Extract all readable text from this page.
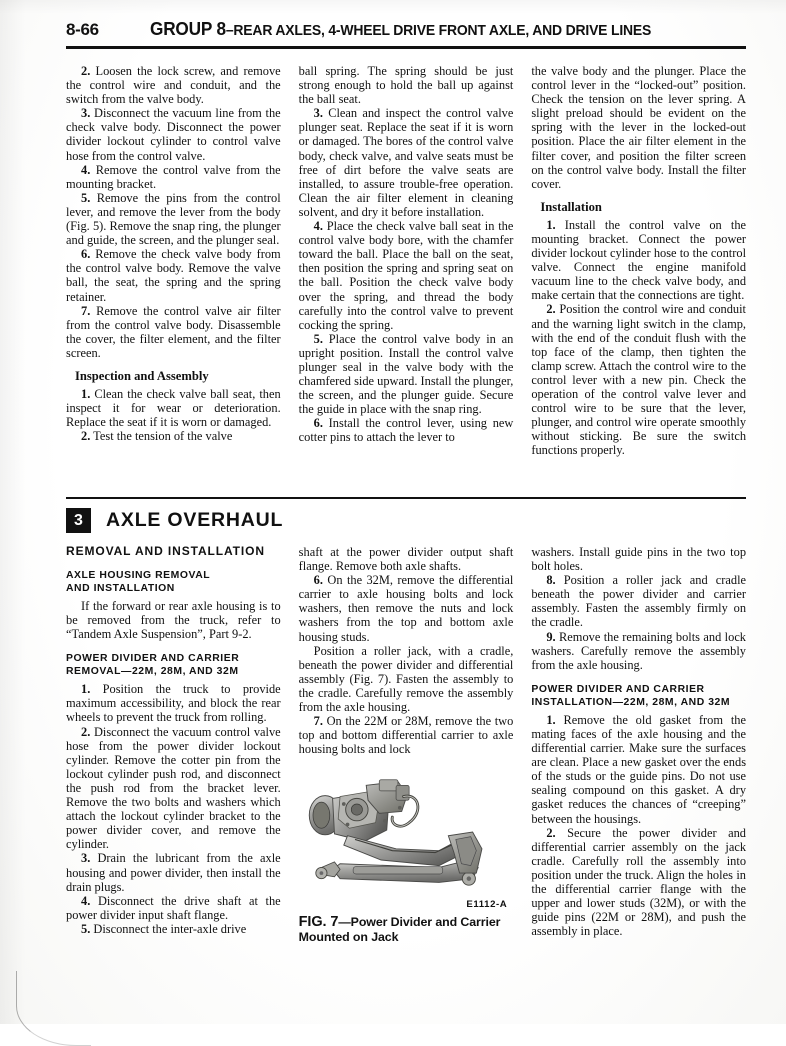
8-66	GROUP 8–REAR AXLES, 4-WHEEL DRIVE FRONT AXLE, AND DRIVE LINES

2. Loosen the lock screw, and remove the control wire and conduit, and the switch from the valve body.

3. Disconnect the vacuum line from the check valve body. Disconnect the power divider lockout cylinder to control valve hose from the control valve.

4. Remove the control valve from the mounting bracket.

5. Remove the pins from the control lever, and remove the lever from the body (Fig. 5). Remove the snap ring, the plunger and guide, the screen, and the plunger seal.

6. Remove the check valve body from the control valve body. Remove the valve ball, the seat, the spring and the spring retainer.

7. Remove the control valve air filter from the control valve body. Disassemble the cover, the filter element, and the filter screen.

Inspection and Assembly

1. Clean the check valve ball seat, then inspect it for wear or deterioration. Replace the seat if it is worn or damaged.

2. Test the tension of the valve

ball spring. The spring should be just strong enough to hold the ball up against the ball seat.

3. Clean and inspect the control valve plunger seat. Replace the seat if it is worn or damaged. The bores of the control valve body, check valve, and valve seats must be free of dirt before the valve seats are installed, to assure trouble-free operation. Clean the air filter element in cleaning solvent, and dry it before installation.

4. Place the check valve ball seat in the control valve body bore, with the chamfer toward the ball. Place the ball on the seat, then position the spring and spring seat on the ball. Position the check valve body over the spring, and thread the body carefully into the control valve to prevent cocking the spring.

5. Place the control valve body in an upright position. Install the control valve plunger seal in the valve body with the chamfered side upward. Install the plunger, the screen, and the plunger guide. Secure the guide in place with the snap ring.

6. Install the control lever, using new cotter pins to attach the lever to

the valve body and the plunger. Place the control lever in the “locked-out” position. Check the tension on the lever spring. A slight preload should be evident on the spring with the lever in the locked-out position. Place the air filter element in the filter cover, and position the filter screen on the control valve body. Install the filter cover.

Installation

1. Install the control valve on the mounting bracket. Connect the power divider lockout cylinder hose to the control valve. Connect the engine manifold vacuum line to the check valve body, and make certain that the connections are tight.

2. Position the control wire and conduit and the warning light switch in the clamp, with the end of the conduit flush with the top face of the clamp, then tighten the clamp screw. Attach the control wire to the control lever with a new pin. Check the operation of the control valve lever and control wire to be sure that the lever, plunger, and control wire operate smoothly without sticking. Be sure the switch functions properly.

3	AXLE OVERHAUL
REMOVAL AND INSTALLATION
AXLE HOUSING REMOVAL
AND INSTALLATION

If the forward or rear axle housing is to be removed from the truck, refer to “Tandem Axle Suspension”, Part 9-2.

POWER DIVIDER AND CARRIER
REMOVAL—22M, 28M, AND 32M

1. Position the truck to provide maximum accessibility, and block the rear wheels to prevent the truck from rolling.

2. Disconnect the vacuum control valve hose from the power divider lockout cylinder. Remove the cotter pin from the lockout cylinder push rod, and disconnect the push rod from the bracket lever. Remove the two bolts and washers which attach the lockout cylinder bracket to the power divider cover, and remove the cylinder.

3. Drain the lubricant from the axle housing and power divider, then install the drain plugs.

4. Disconnect the drive shaft at the power divider input shaft flange.

5. Disconnect the inter-axle drive

shaft at the power divider output shaft flange. Remove both axle shafts.

6. On the 32M, remove the differential carrier to axle housing bolts and lock washers, then remove the nuts and lock washers from the top and bottom axle housing studs.

Position a roller jack, with a cradle, beneath the power divider and differential assembly (Fig. 7). Fasten the assembly to the cradle. Carefully remove the assembly from the axle housing.

7. On the 22M or 28M, remove the two top and bottom differential carrier to axle housing bolts and lock

E1112-A
FIG. 7—Power Divider and Carrier Mounted on Jack

washers. Install guide pins in the two top bolt holes.

8. Position a roller jack and cradle beneath the power divider and carrier assembly. Fasten the assembly firmly on the cradle.

9. Remove the remaining bolts and lock washers. Carefully remove the assembly from the axle housing.

POWER DIVIDER AND CARRIER
INSTALLATION—22M, 28M, AND 32M

1. Remove the old gasket from the mating faces of the axle housing and the differential carrier. Make sure the surfaces are clean. Place a new gasket over the ends of the studs or the guide pins. Do not use sealing compound on this gasket. A dry gasket reduces the chances of “creeping” between the housings.

2. Secure the power divider and differential carrier assembly on the jack cradle. Carefully roll the assembly into position under the truck. Align the holes in the differential carrier flange with the upper and lower studs (32M), or with the guide pins (22M or 28M), and push the assembly in place.
